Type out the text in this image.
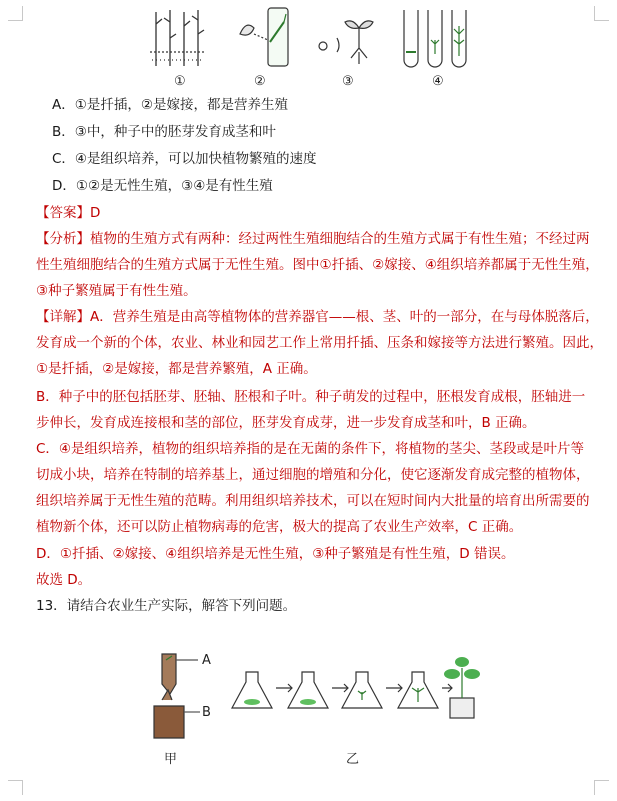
①	②	③	④
A．①是扦插，②是嫁接，都是营养生殖
B．③中，种子中的胚芽发育成茎和叶
C．④是组织培养，可以加快植物繁殖的速度
D．①②是无性生殖，③④是有性生殖
【答案】D
【分析】植物的生殖方式有两种：经过两性生殖细胞结合的生殖方式属于有性生殖；不经过两
性生殖细胞结合的生殖方式属于无性生殖。图中①扦插、②嫁接、④组织培养都属于无性生殖，
③种子繁殖属于有性生殖。
【详解】A．营养生殖是由高等植物体的营养器官——根、茎、叶的一部分，在与母体脱落后，
发育成一个新的个体，农业、林业和园艺工作上常用扦插、压条和嫁接等方法进行繁殖。因此，
①是扦插，②是嫁接，都是营养繁殖，A 正确。
B．种子中的胚包括胚芽、胚轴、胚根和子叶。种子萌发的过程中，胚根发育成根，胚轴进一
步伸长，发育成连接根和茎的部位，胚芽发育成芽，进一步发育成茎和叶，B 正确。
C．④是组织培养，植物的组织培养指的是在无菌的条件下，将植物的茎尖、茎段或是叶片等
切成小块，培养在特制的培养基上，通过细胞的增殖和分化，使它逐渐发育成完整的植物体，
组织培养属于无性生殖的范畴。利用组织培养技术，可以在短时间内大批量的培育出所需要的
植物新个体，还可以防止植物病毒的危害，极大的提高了农业生产效率，C 正确。
D．①扦插、②嫁接、④组织培养是无性生殖，③种子繁殖是有性生殖，D 错误。
故选 D。
13．请结合农业生产实际，解答下列问题。
A
B
甲	乙
